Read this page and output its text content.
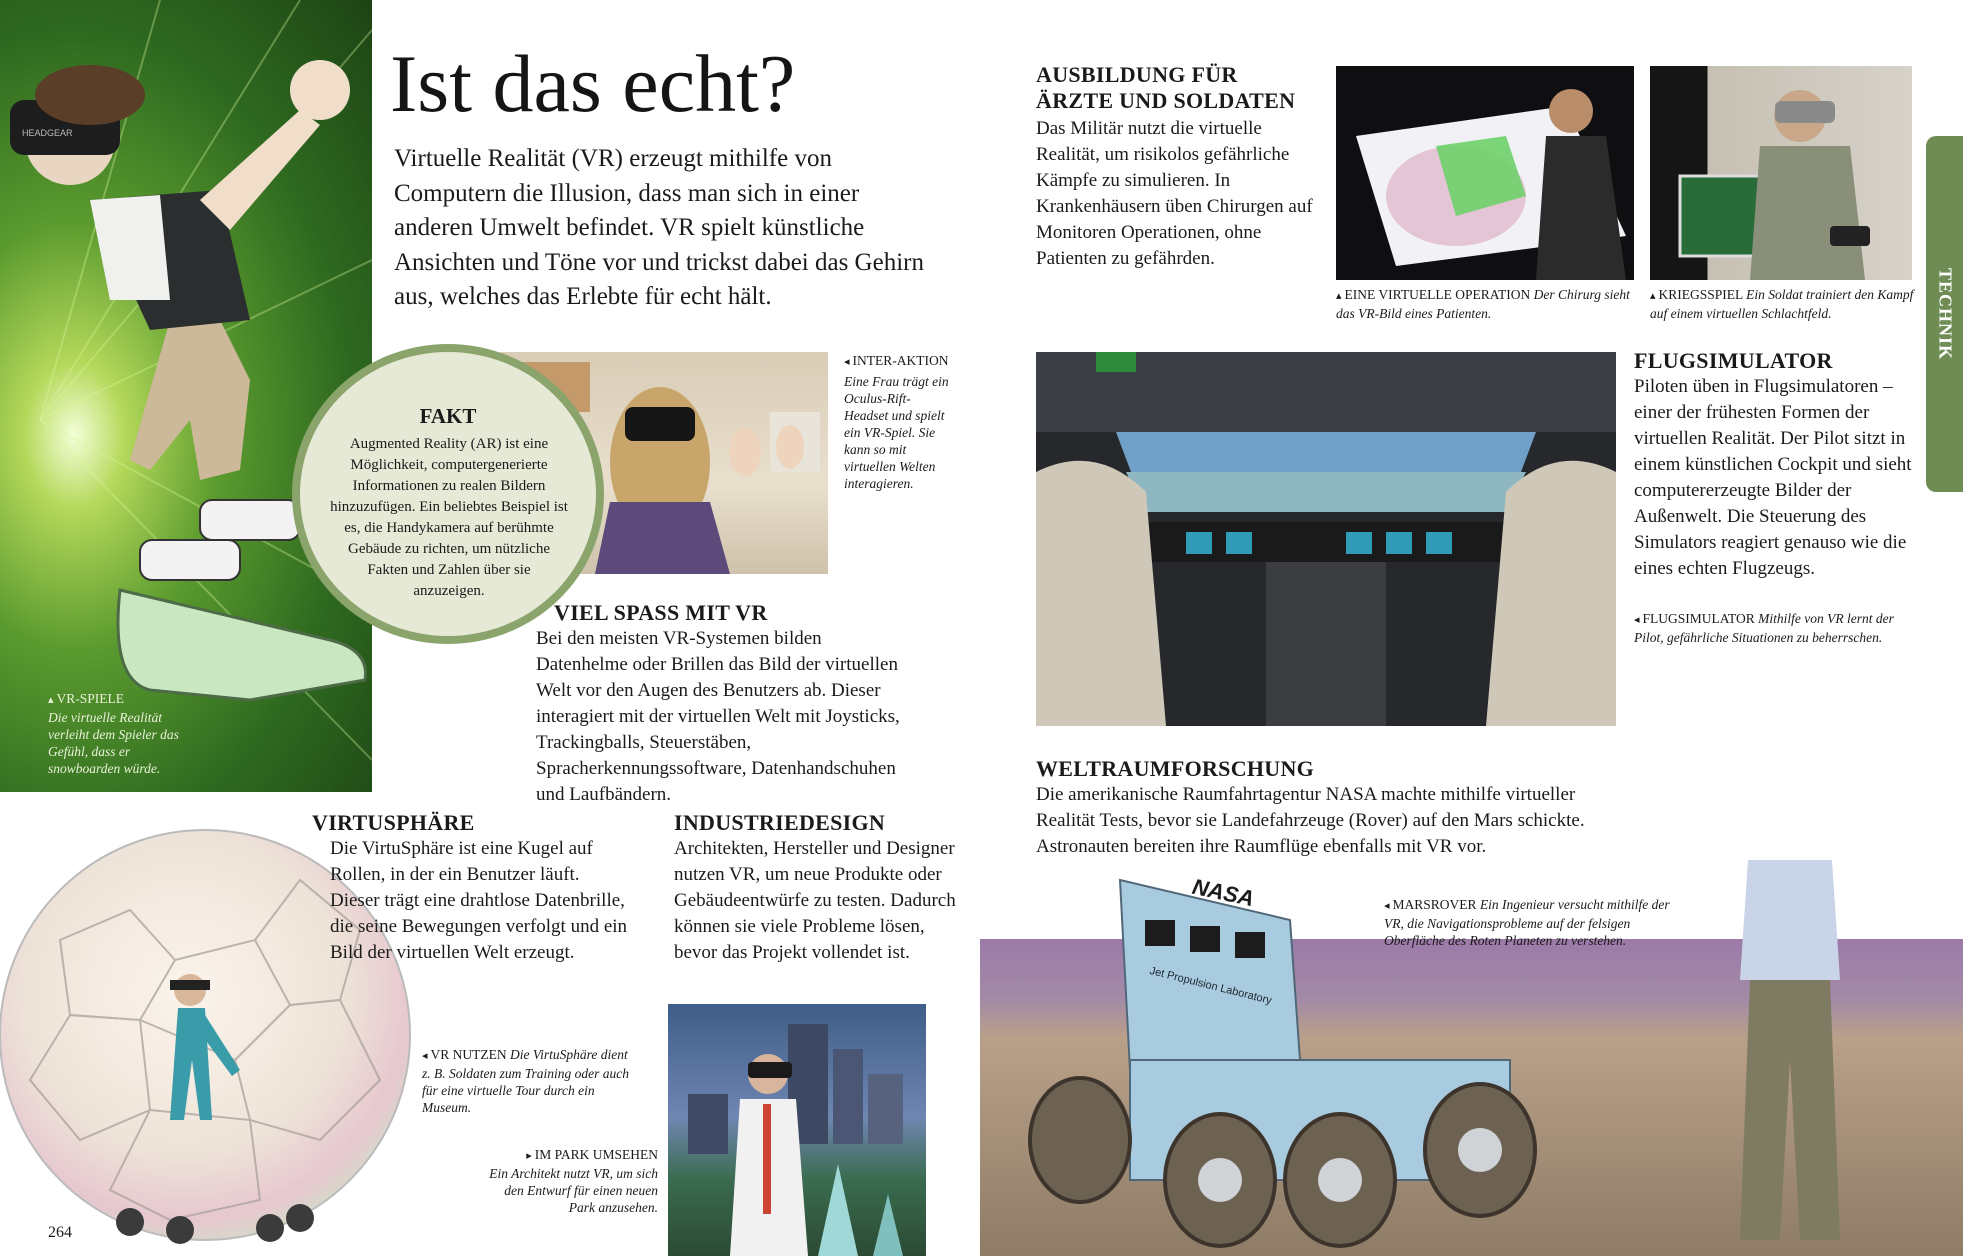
HEADGEAR
NASA
Jet Propulsion Laboratory
Ist das echt?
Virtuelle Realität (VR) erzeugt mithilfe von Computern die Illusion, dass man sich in einer anderen Umwelt befindet. VR spielt künstliche Ansichten und Töne vor und trickst dabei das Gehirn aus, welches das Erlebte für echt hält.
FAKT
Augmented Reality (AR) ist eine Möglichkeit, computergenerierte Informationen zu realen Bildern hinzuzufügen. Ein beliebtes Beispiel ist es, die Handykamera auf berühmte Gebäude zu richten, um nützliche Fakten und Zahlen über sie anzuzeigen.
◂ INTER-AKTION
Eine Frau trägt ein Oculus-Rift-Headset und spielt ein VR-Spiel. Sie kann so mit virtuellen Welten interagieren.
VIEL SPASS MIT VR
Bei den meisten VR-Systemen bilden Datenhelme oder Brillen das Bild der virtuellen Welt vor den Augen des Benutzers ab. Dieser interagiert mit der virtuellen Welt mit Joysticks, Trackingballs, Steuerstäben, Spracherkennungssoftware, Datenhandschuhen und Laufbändern.
▴ VR-SPIELE
Die virtuelle Realität verleiht dem Spieler das Gefühl, dass er snowboarden würde.
VIRTUSPHÄRE
Die VirtuSphäre ist eine Kugel auf Rollen, in der ein Benutzer läuft. Dieser trägt eine drahtlose Datenbrille, die seine Bewegungen verfolgt und ein Bild der virtuellen Welt erzeugt.
◂ VR NUTZEN Die VirtuSphäre dient z. B. Soldaten zum Training oder auch für eine virtuelle Tour durch ein Museum.
▸ IM PARK UMSEHEN
Ein Architekt nutzt VR, um sich den Entwurf für einen neuen Park anzusehen.
INDUSTRIEDESIGN
Architekten, Hersteller und Designer nutzen VR, um neue Produkte oder Gebäudeentwürfe zu testen. Dadurch können sie viele Probleme lösen, bevor das Projekt vollendet ist.
264
AUSBILDUNG FÜR ÄRZTE UND SOLDATEN
Das Militär nutzt die virtuelle Realität, um risikolos gefährliche Kämpfe zu simulieren. In Krankenhäusern üben Chirurgen auf Monitoren Operationen, ohne Patienten zu gefährden.
▴ EINE VIRTUELLE OPERATION Der Chirurg sieht das VR-Bild eines Patienten.
▴ KRIEGSSPIEL Ein Soldat trainiert den Kampf auf einem virtuellen Schlachtfeld.
FLUGSIMULATOR
Piloten üben in Flugsimulatoren – einer der frühesten Formen der virtuellen Realität. Der Pilot sitzt in einem künstlichen Cockpit und sieht computererzeugte Bilder der Außenwelt. Die Steuerung des Simulators reagiert genauso wie die eines echten Flugzeugs.
◂ FLUGSIMULATOR Mithilfe von VR lernt der Pilot, gefährliche Situationen zu beherrschen.
WELTRAUMFORSCHUNG
Die amerikanische Raumfahrtagentur NASA machte mithilfe virtueller Realität Tests, bevor sie Landefahrzeuge (Rover) auf den Mars schickte. Astronauten bereiten ihre Raumflüge ebenfalls mit VR vor.
◂ MARSROVER Ein Ingenieur versucht mithilfe der VR, die Navigationsprobleme auf der felsigen Oberfläche des Roten Planeten zu verstehen.
TECHNIK
